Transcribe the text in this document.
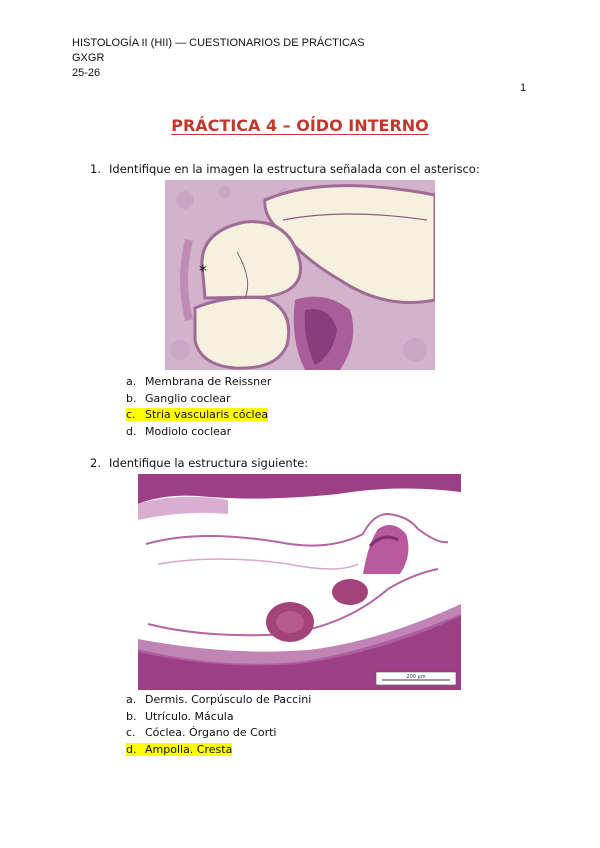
HISTOLOGÍA II (HII) — CUESTIONARIOS DE PRÁCTICAS
GXGR
25-26
1
PRÁCTICA 4 – OÍDO INTERNO
1. Identifique en la imagen la estructura señalada con el asterisco:
*
a. Membrana de Reissner
b. Ganglio coclear
c. Stria vascularis cóclea
d. Modiolo coclear
2. Identifique la estructura siguiente:
200 µm
a. Dermis. Corpúsculo de Paccini
b. Utrículo. Mácula
c. Cóclea. Órgano de Corti
d. Ampolla. Cresta
